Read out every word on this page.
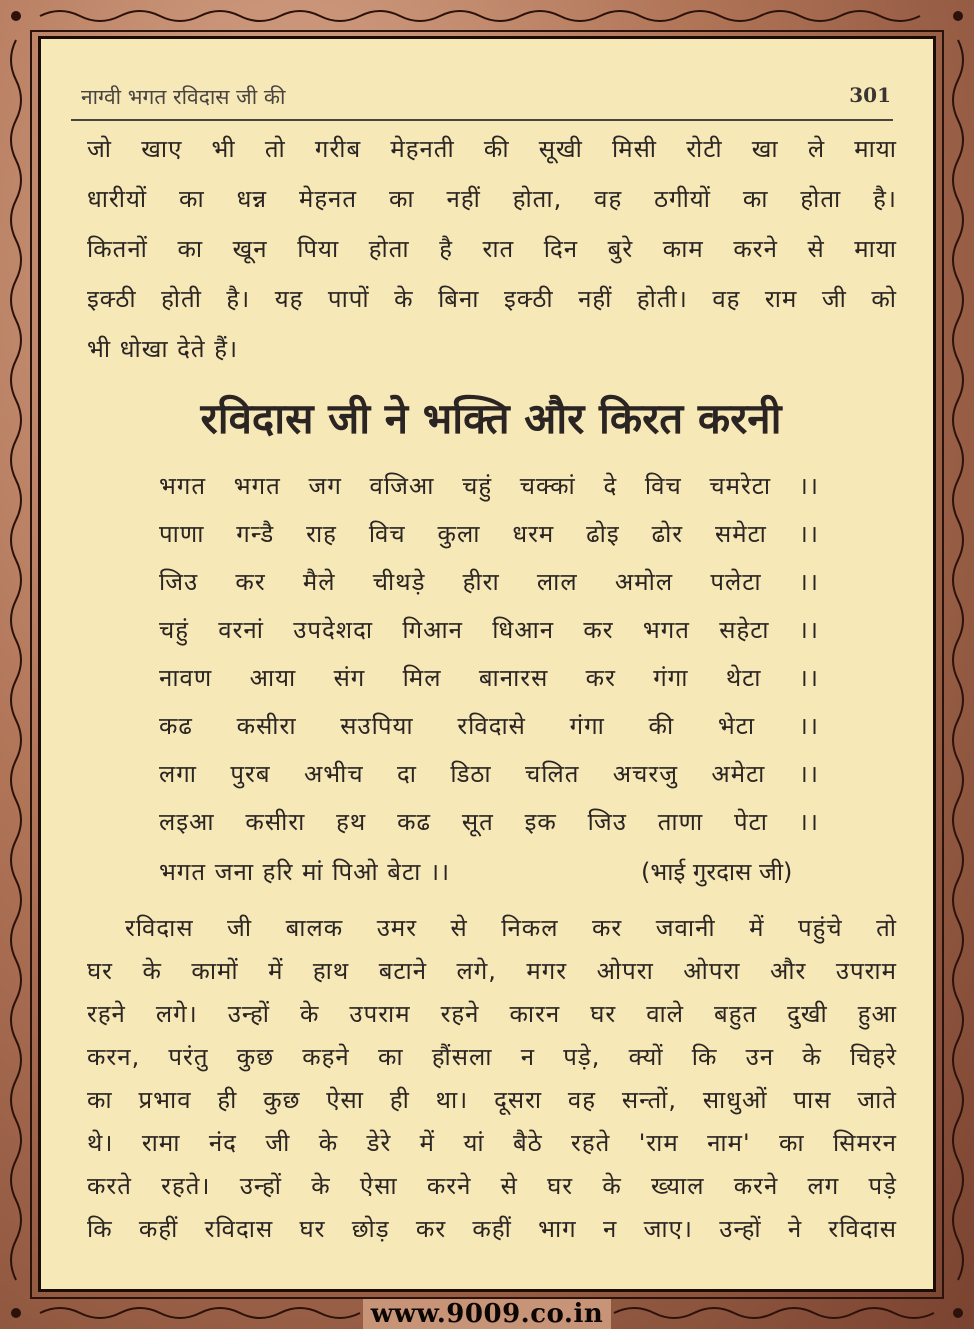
नाग्वी भगत रविदास जी की	301
जो खाए भी तो गरीब मेहनती की सूखी मिसी रोटी खा ले माया
धारीयों का धन्न मेहनत का नहीं होता, वह ठगीयों का होता है।
कितनों का खून पिया होता है रात दिन बुरे काम करने से माया
इक्ठी होती है। यह पापों के बिना इक्ठी नहीं होती। वह राम जी को
भी धोखा देते हैं।
रविदास जी ने भक्ति और किरत करनी
भगत भगत जग वजिआ चहुं चक्कां दे विच चमरेटा ।।
पाणा गन्डै राह विच कुला धरम ढोइ ढोर समेटा ।।
जिउ कर मैले चीथड़े हीरा लाल अमोल पलेटा ।।
चहुं वरनां उपदेशदा गिआन धिआन कर भगत सहेटा ।।
नावण आया संग मिल बानारस कर गंगा थेटा ।।
कढ कसीरा सउपिया रविदासे गंगा की भेटा ।।
लगा पुरब अभीच दा डिठा चलित अचरजु अमेटा ।।
लइआ कसीरा हथ कढ सूत इक जिउ ताणा पेटा ।।
भगत जना हरि मां पिओ बेटा ।।	(भाई गुरदास जी)
रविदास जी बालक उमर से निकल कर जवानी में पहुंचे तो
घर के कामों में हाथ बटाने लगे, मगर ओपरा ओपरा और उपराम
रहने लगे। उन्हों के उपराम रहने कारन घर वाले बहुत दुखी हुआ
करन, परंतु कुछ कहने का हौंसला न पड़े, क्यों कि उन के चिहरे
का प्रभाव ही कुछ ऐसा ही था। दूसरा वह सन्तों, साधुओं पास जाते
थे। रामा नंद जी के डेरे में यां बैठे रहते 'राम नाम' का सिमरन
करते रहते। उन्हों के ऐसा करने से घर के ख्याल करने लग पड़े
कि कहीं रविदास घर छोड़ कर कहीं भाग न जाए। उन्हों ने रविदास
www.9009.co.in
